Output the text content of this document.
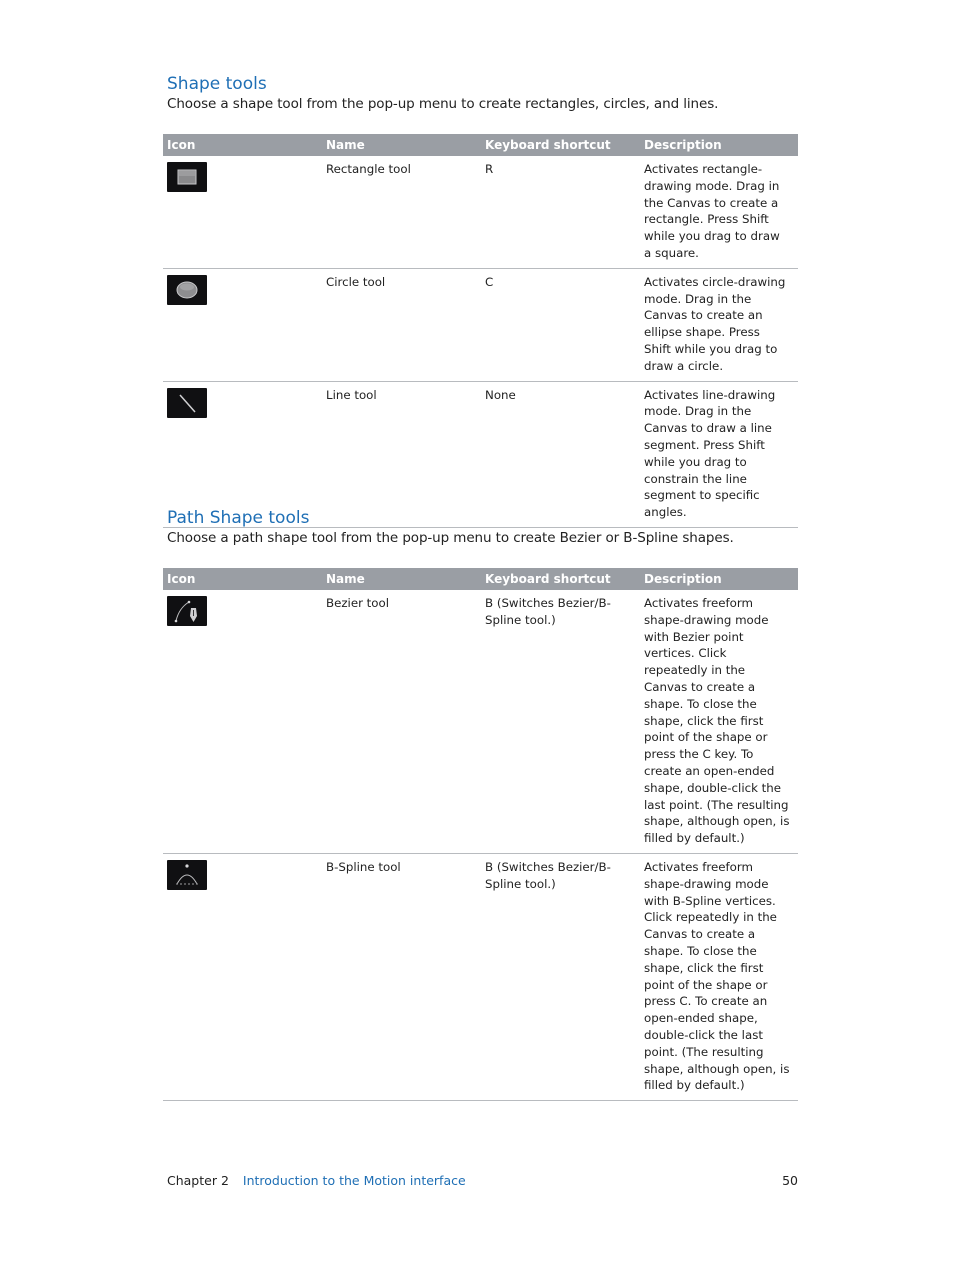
Shape tools

Choose a shape tool from the pop-up menu to create rectangles, circles, and lines.

Icon	Name	Keyboard shortcut	Description

	Rectangle tool	R	Activates rectangle-drawing mode. Drag in the Canvas to create a rectangle. Press Shift while you drag to draw a square.

	Circle tool	C	Activates circle-drawing mode. Drag in the Canvas to create an ellipse shape. Press Shift while you drag to draw a circle.

	Line tool	None	Activates line-drawing mode. Drag in the Canvas to draw a line segment. Press Shift while you drag to constrain the line segment to specific angles.
Path Shape tools

Choose a path shape tool from the pop-up menu to create Bezier or B-Spline shapes.

Icon	Name	Keyboard shortcut	Description

	Bezier tool	B (Switches Bezier/B-Spline tool.)	Activates freeform shape-drawing mode with Bezier point vertices. Click repeatedly in the Canvas to create a shape. To close the shape, click the first point of the shape or press the C key. To create an open-ended shape, double-click the last point. (The resulting shape, although open, is filled by default.)

	B-Spline tool	B (Switches Bezier/B-Spline tool.)	Activates freeform shape-drawing mode with B-Spline vertices. Click repeatedly in the Canvas to create a shape. To close the shape, click the first point of the shape or press C. To create an open-ended shape, double-click the last point. (The resulting shape, although open, is filled by default.)
Chapter 2 Introduction to the Motion interface	50
